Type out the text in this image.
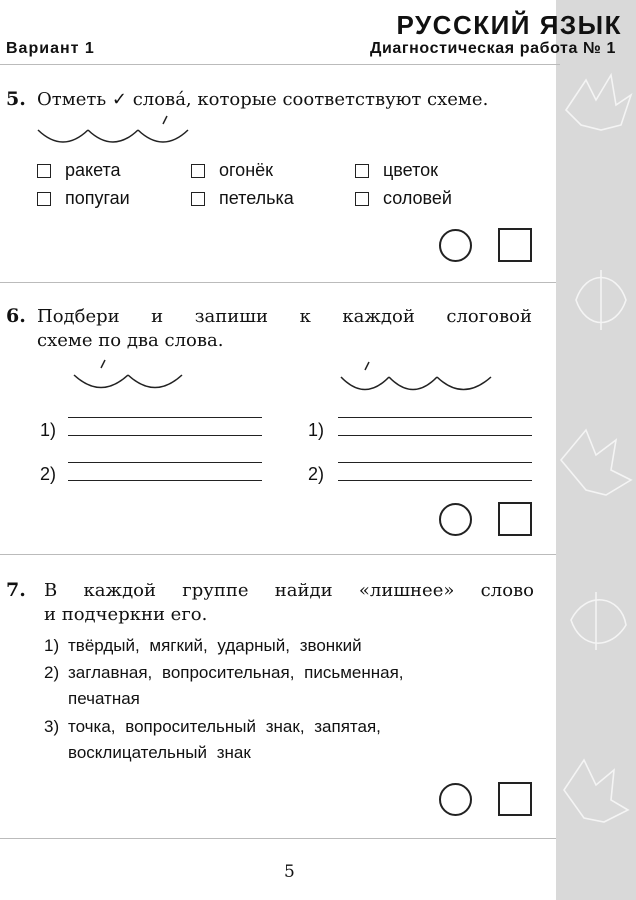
РУССКИЙ ЯЗЫК
Вариант 1	Диагностическая работа № 1
5. Отметь ✓ слова́, которые соответствуют схеме.
ракета	огонёк	цветок
попугаи	петелька	соловей
6. Подбери и запиши к каждой слоговой
схеме по два слова.
1)	1)
2)	2)
7. В каждой группе найди «лишнее» слово
и подчеркни его.
1) твёрдый, мягкий, ударный, звонкий
2) заглавная, вопросительная, письменная,
печатная
3) точка, вопросительный знак, запятая,
восклицательный знак
5
